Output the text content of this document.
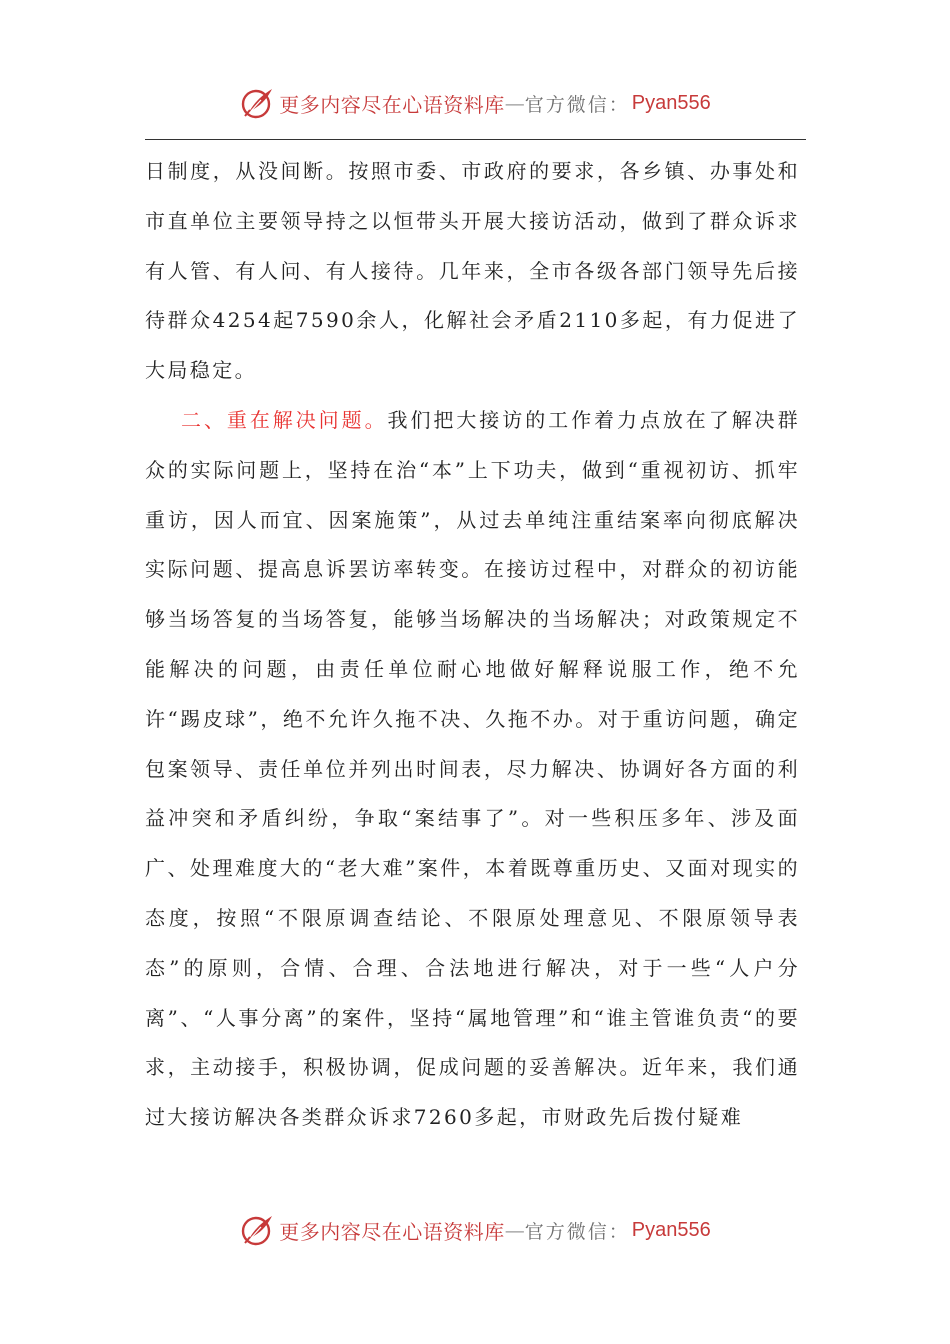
更多内容尽在心语资料库 — 官方微信： Pyan556

日制度，从没间断。按照市委、市政府的要求，各乡镇、办事处和市直单位主要领导持之以恒带头开展大接访活动，做到了群众诉求有人管、有人问、有人接待。几年来，全市各级各部门领导先后接待群众4254起7590余人，化解社会矛盾2110多起，有力促进了大局稳定。

二、重在解决问题。我们把大接访的工作着力点放在了解决群众的实际问题上，坚持在治“本”上下功夫，做到“重视初访、抓牢重访，因人而宜、因案施策”，从过去单纯注重结案率向彻底解决实际问题、提高息诉罢访率转变。在接访过程中，对群众的初访能够当场答复的当场答复，能够当场解决的当场解决；对政策规定不能解决的问题，由责任单位耐心地做好解释说服工作，绝不允许“踢皮球”，绝不允许久拖不决、久拖不办。对于重访问题，确定包案领导、责任单位并列出时间表，尽力解决、协调好各方面的利益冲突和矛盾纠纷，争取“案结事了”。对一些积压多年、涉及面广、处理难度大的“老大难”案件，本着既尊重历史、又面对现实的态度，按照“不限原调查结论、不限原处理意见、不限原领导表态”的原则，合情、合理、合法地进行解决，对于一些“人户分离”、“人事分离”的案件，坚持“属地管理”和“谁主管谁负责“的要求，主动接手，积极协调，促成问题的妥善解决。近年来，我们通过大接访解决各类群众诉求7260多起，市财政先后拨付疑难

更多内容尽在心语资料库 — 官方微信： Pyan556
